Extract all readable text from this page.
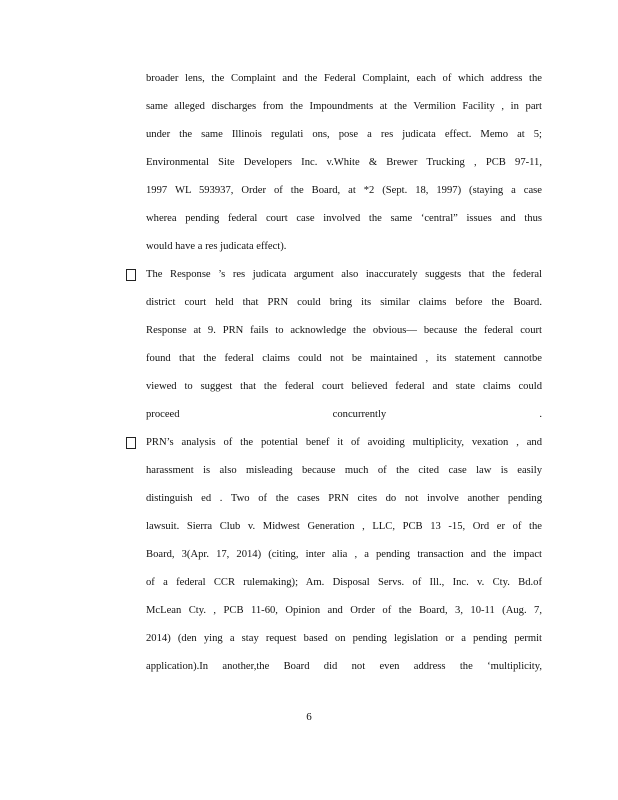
broader lens, the Complaint and the Federal Complaint, each of which address the
same alleged discharges from the Impoundments at the Vermilion Facility , in part
under the same Illinois regulati ons, pose a res judicata effect. Memo at 5;
Environmental Site Developers Inc. v.White & Brewer Trucking , PCB 97-11,
1997 WL 593937, Order of the Board, at *2 (Sept. 18, 1997) (staying a case
wherea pending federal court case involved the same ‘central” issues and thus
would have a res judicata effect).
The Response ’s res judicata argument also inaccurately suggests that the federal
district court held that PRN could bring its similar claims before the Board.
Response at 9. PRN fails to acknowledge the obvious— because the federal court
found that the federal claims could not be maintained , its statement cannotbe
viewed to suggest that the federal court believed federal and state claims could
proceed concurrently .
PRN’s analysis of the potential benef it of avoiding multiplicity, vexation , and
harassment is also misleading because much of the cited case law is easily
distinguish ed . Two of the cases PRN cites do not involve another pending
lawsuit. Sierra Club v. Midwest Generation , LLC, PCB 13 -15, Ord er of the
Board, 3(Apr. 17, 2014) (citing, inter alia , a pending transaction and the impact
of a federal CCR rulemaking); Am. Disposal Servs. of Ill., Inc. v. Cty. Bd.of
McLean Cty. , PCB 11-60, Opinion and Order of the Board, 3, 10-11 (Aug. 7,
2014) (den ying a stay request based on pending legislation or a pending permit
application).In another,the Board did not even address the ‘multiplicity,
6
